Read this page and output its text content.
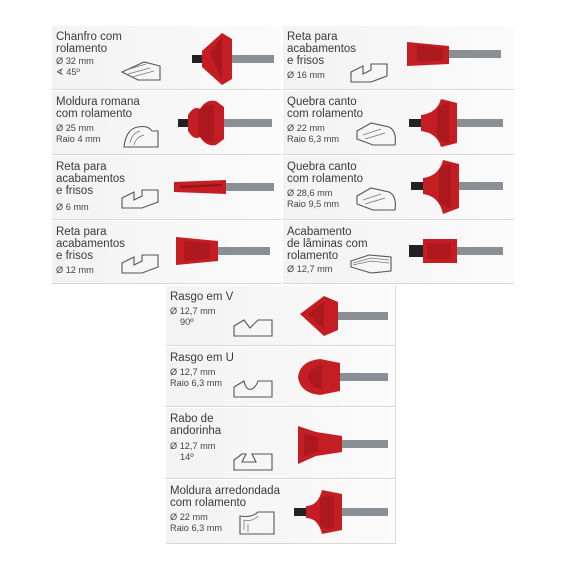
Chanfro com
rolamento
Ø 32 mm
∢ 45º
Reta para
acabamentos
e frisos
Ø 16 mm
Moldura romana
com rolamento
Ø 25 mm
Raio 4 mm
Quebra canto
com rolamento
Ø 22 mm
Raio 6,3 mm
Reta para
acabamentos
e frisos
Ø 6 mm
Quebra canto
com rolamento
Ø 28,6 mm
Raio 9,5 mm
Reta para
acabamentos
e frisos
Ø 12 mm
Acabamento
de lâminas com
rolamento
Ø 12,7 mm
Rasgo em V
Ø 12,7 mm
90º
Rasgo em U
Ø 12,7 mm
Raio 6,3 mm
Rabo de
andorinha
Ø 12,7 mm
14º
Moldura arredondada
com rolamento
Ø 22 mm
Raio 6,3 mm
